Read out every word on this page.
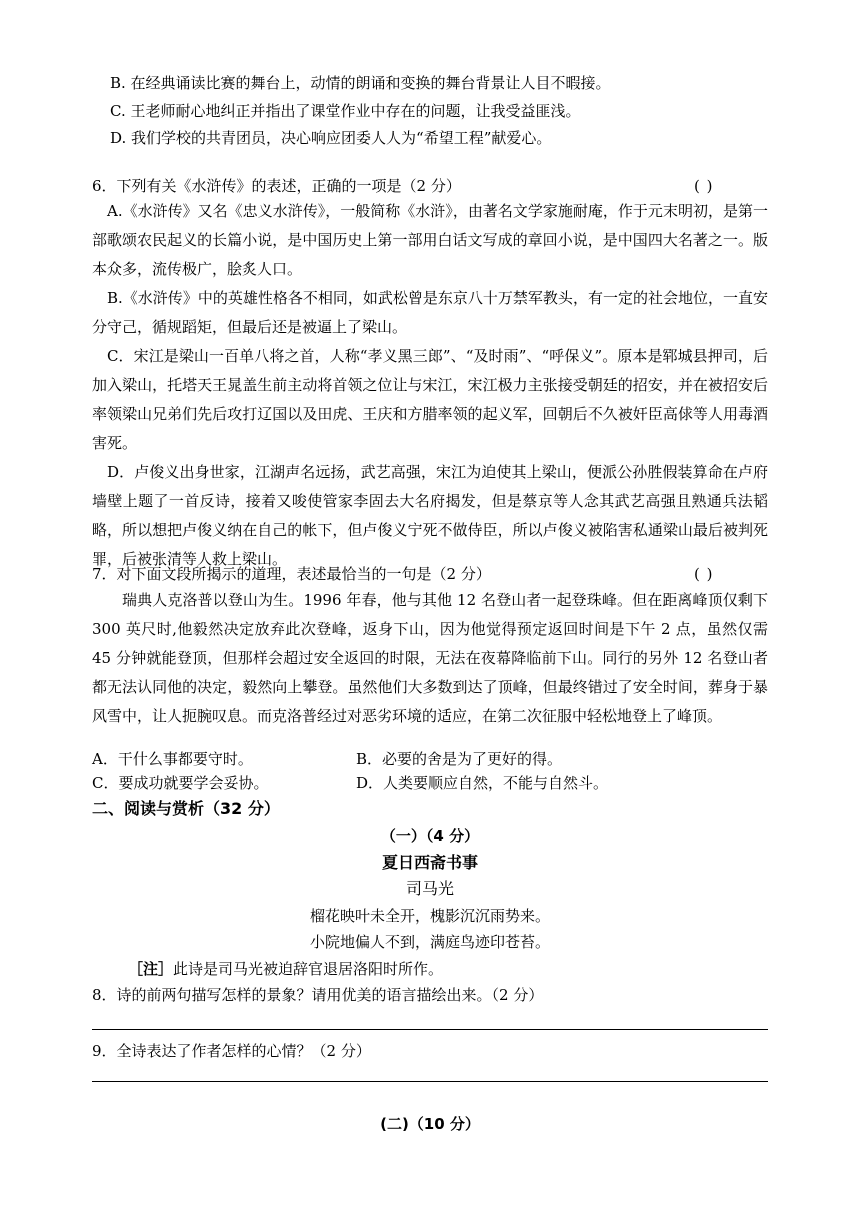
B. 在经典诵读比赛的舞台上，动情的朗诵和变换的舞台背景让人目不暇接。
C. 王老师耐心地纠正并指出了课堂作业中存在的问题，让我受益匪浅。
D. 我们学校的共青团员，决心响应团委人人为“希望工程”献爱心。
6．下列有关《水浒传》的表述，正确的一项是（2 分）	( )

A.《水浒传》又名《忠义水浒传》，一般简称《水浒》，由著名文学家施耐庵，作于元末明初，是第一部歌颂农民起义的长篇小说，是中国历史上第一部用白话文写成的章回小说，是中国四大名著之一。版本众多，流传极广，脍炙人口。

B.《水浒传》中的英雄性格各不相同，如武松曾是东京八十万禁军教头，有一定的社会地位，一直安分守己，循规蹈矩，但最后还是被逼上了梁山。

C．宋江是梁山一百单八将之首，人称“孝义黑三郎”、“及时雨”、“呼保义”。原本是郓城县押司，后加入梁山，托塔天王晁盖生前主动将首领之位让与宋江，宋江极力主张接受朝廷的招安，并在被招安后率领梁山兄弟们先后攻打辽国以及田虎、王庆和方腊率领的起义军，回朝后不久被奸臣高俅等人用毒酒害死。

D．卢俊义出身世家，江湖声名远扬，武艺高强，宋江为迫使其上梁山，便派公孙胜假装算命在卢府墙壁上题了一首反诗，接着又唆使管家李固去大名府揭发，但是蔡京等人念其武艺高强且熟通兵法韬略，所以想把卢俊义纳在自己的帐下，但卢俊义宁死不做侍臣，所以卢俊义被陷害私通梁山最后被判死罪，后被张清等人救上梁山。

7．对下面文段所揭示的道理，表述最恰当的一句是（2 分）	( )

瑞典人克洛普以登山为生。1996 年春，他与其他 12 名登山者一起登珠峰。但在距离峰顶仅剩下 300 英尺时,他毅然决定放弃此次登峰，返身下山，因为他觉得预定返回时间是下午 2 点，虽然仅需 45 分钟就能登顶，但那样会超过安全返回的时限，无法在夜幕降临前下山。同行的另外 12 名登山者都无法认同他的决定，毅然向上攀登。虽然他们大多数到达了顶峰，但最终错过了安全时间，葬身于暴风雪中，让人扼腕叹息。而克洛普经过对恶劣环境的适应，在第二次征服中轻松地登上了峰顶。

A．干什么事都要守时。	B．必要的舍是为了更好的得。
C．要成功就要学会妥协。	D．人类要顺应自然，不能与自然斗。
二、阅读与赏析（32 分）
（一）（4 分）
夏日西斋书事
司马光
榴花映叶未全开，槐影沉沉雨势来。
小院地偏人不到，满庭鸟迹印苍苔。
［注］此诗是司马光被迫辞官退居洛阳时所作。
8．诗的前两句描写怎样的景象？请用优美的语言描绘出来。（2 分）
9．全诗表达了作者怎样的心情？（2 分）
(二)（10 分）
